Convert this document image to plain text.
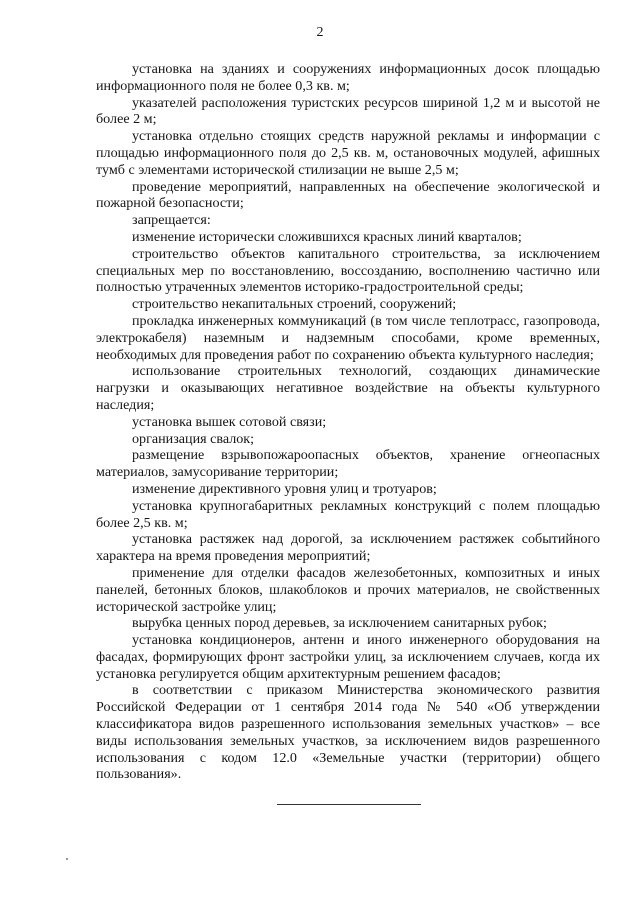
2

установка на зданиях и сооружениях информационных досок площадью информационного поля не более 0,3 кв. м;

указателей расположения туристских ресурсов шириной 1,2 м и высотой не более 2 м;

установка отдельно стоящих средств наружной рекламы и информации с площадью информационного поля до 2,5 кв. м, остановочных модулей, афишных тумб с элементами исторической стилизации не выше 2,5 м;

проведение мероприятий, направленных на обеспечение экологической и пожарной безопасности;

запрещается:

изменение исторически сложившихся красных линий кварталов;

строительство объектов капитального строительства, за исключением специальных мер по восстановлению, воссозданию, восполнению частично или полностью утраченных элементов историко-градостроительной среды;

строительство некапитальных строений, сооружений;

прокладка инженерных коммуникаций (в том числе теплотрасс, газопровода, электрокабеля) наземным и надземным способами, кроме временных, необходимых для проведения работ по сохранению объекта культурного наследия;

использование строительных технологий, создающих динамические нагрузки и оказывающих негативное воздействие на объекты культурного наследия;

установка вышек сотовой связи;

организация свалок;

размещение взрывопожароопасных объектов, хранение огнеопасных материалов, замусоривание территории;

изменение директивного уровня улиц и тротуаров;

установка крупногабаритных рекламных конструкций с полем площадью более 2,5 кв. м;

установка растяжек над дорогой, за исключением растяжек событийного характера на время проведения мероприятий;

применение для отделки фасадов железобетонных, композитных и иных панелей, бетонных блоков, шлакоблоков и прочих материалов, не свойственных исторической застройке улиц;

вырубка ценных пород деревьев, за исключением санитарных рубок;

установка кондиционеров, антенн и иного инженерного оборудования на фасадах, формирующих фронт застройки улиц, за исключением случаев, когда их установка регулируется общим архитектурным решением фасадов;

в соответствии с приказом Министерства экономического развития Российской Федерации от 1 сентября 2014 года № 540 «Об утверждении классификатора видов разрешенного использования земельных участков» – все виды использования земельных участков, за исключением видов разрешенного использования с кодом 12.0 «Земельные участки (территории) общего пользования».
